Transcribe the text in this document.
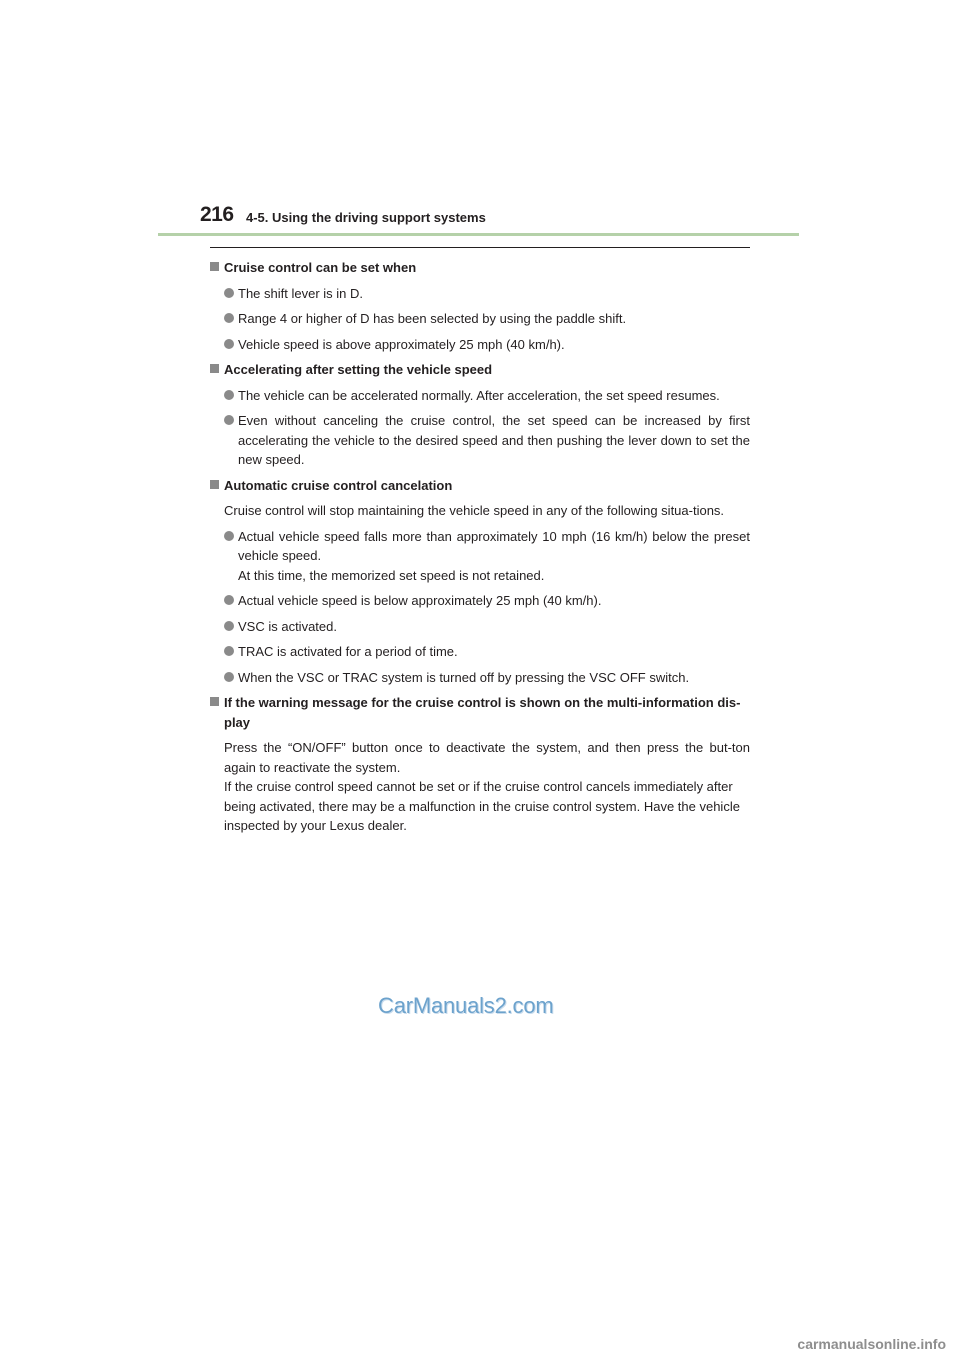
216 4-5. Using the driving support systems
Cruise control can be set when
The shift lever is in D.
Range 4 or higher of D has been selected by using the paddle shift.
Vehicle speed is above approximately 25 mph (40 km/h).
Accelerating after setting the vehicle speed
The vehicle can be accelerated normally. After acceleration, the set speed resumes.
Even without canceling the cruise control, the set speed can be increased by first accelerating the vehicle to the desired speed and then pushing the lever down to set the new speed.
Automatic cruise control cancelation
Cruise control will stop maintaining the vehicle speed in any of the following situa-tions.
Actual vehicle speed falls more than approximately 10 mph (16 km/h) below the preset vehicle speed.
At this time, the memorized set speed is not retained.
Actual vehicle speed is below approximately 25 mph (40 km/h).
VSC is activated.
TRAC is activated for a period of time.
When the VSC or TRAC system is turned off by pressing the VSC OFF switch.
If the warning message for the cruise control is shown on the multi-information dis-play
Press the “ON/OFF” button once to deactivate the system, and then press the but-ton again to reactivate the system.
If the cruise control speed cannot be set or if the cruise control cancels immediately after being activated, there may be a malfunction in the cruise control system. Have the vehicle inspected by your Lexus dealer.
CarManuals2.com
carmanualsonline.info
